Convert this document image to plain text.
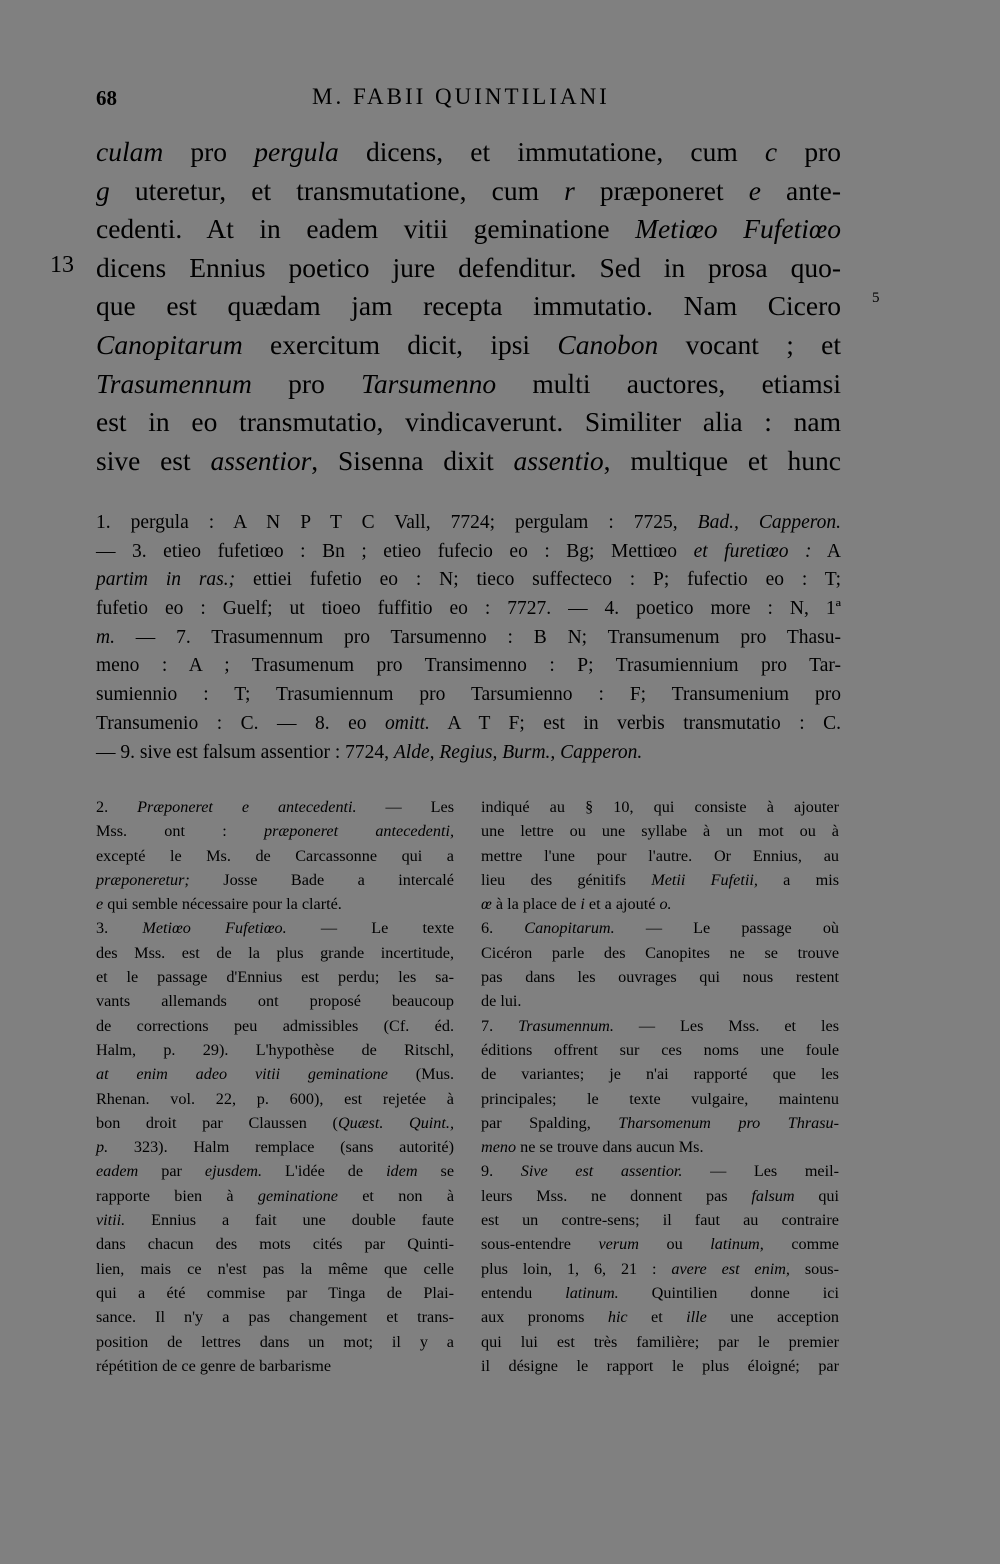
68	M. FABII QUINTILIANI
13
5
culam pro pergula dicens, et immutatione, cum c pro
g uteretur, et transmutatione, cum r præponeret e ante-
cedenti. At in eadem vitii geminatione Metiœo Fufetiœo
dicens Ennius poetico jure defenditur. Sed in prosa quo-
que est quædam jam recepta immutatio. Nam Cicero
Canopitarum exercitum dicit, ipsi Canobon vocant ; et
Trasumennum pro Tarsumenno multi auctores, etiamsi
est in eo transmutatio, vindicaverunt. Similiter alia : nam
sive est assentior, Sisenna dixit assentio, multique et hunc
1. pergula : A N P T C Vall, 7724; pergulam : 7725, Bad., Capperon.
— 3. etieo fufetiœo : Bn ; etieo fufecio eo : Bg; Mettiœo et furetiœo : A
partim in ras.; ettiei fufetio eo : N; tieco suffecteco : P; fufectio eo : T;
fufetio eo : Guelf; ut tioeo fuffitio eo : 7727. — 4. poetico more : N, 1ª
m. — 7. Trasumennum pro Tarsumenno : B N; Transumenum pro Thasu-
meno : A ; Trasumenum pro Transimenno : P; Trasumiennium pro Tar-
sumiennio : T; Trasumiennum pro Tarsumienno : F; Transumenium pro
Transumenio : C. — 8. eo omitt. A T F; est in verbis transmutatio : C.
— 9. sive est falsum assentior : 7724, Alde, Regius, Burm., Capperon.
2. Præponeret e antecedenti. — Les
Mss. ont : præponeret antecedenti,
excepté le Ms. de Carcassonne qui a
præponeretur; Josse Bade a intercalé
e qui semble nécessaire pour la clarté.
3. Metiœo Fufetiœo. — Le texte
des Mss. est de la plus grande incertitude,
et le passage d'Ennius est perdu; les sa-
vants allemands ont proposé beaucoup
de corrections peu admissibles (Cf. éd.
Halm, p. 29). L'hypothèse de Ritschl,
at enim adeo vitii geminatione (Mus.
Rhenan. vol. 22, p. 600), est rejetée à
bon droit par Claussen (Quæst. Quint.,
p. 323). Halm remplace (sans autorité)
eadem par ejusdem. L'idée de idem se
rapporte bien à geminatione et non à
vitii. Ennius a fait une double faute
dans chacun des mots cités par Quinti-
lien, mais ce n'est pas la même que celle
qui a été commise par Tinga de Plai-
sance. Il n'y a pas changement et trans-
position de lettres dans un mot; il y a
répétition de ce genre de barbarisme
indiqué au § 10, qui consiste à ajouter
une lettre ou une syllabe à un mot ou à
mettre l'une pour l'autre. Or Ennius, au
lieu des génitifs Metii Fufetii, a mis
œ à la place de i et a ajouté o.
6. Canopitarum. — Le passage où
Cicéron parle des Canopites ne se trouve
pas dans les ouvrages qui nous restent
de lui.
7. Trasumennum. — Les Mss. et les
éditions offrent sur ces noms une foule
de variantes; je n'ai rapporté que les
principales; le texte vulgaire, maintenu
par Spalding, Tharsomenum pro Thrasu-
meno ne se trouve dans aucun Ms.
9. Sive est assentior. — Les meil-
leurs Mss. ne donnent pas falsum qui
est un contre-sens; il faut au contraire
sous-entendre verum ou latinum, comme
plus loin, 1, 6, 21 : avere est enim, sous-
entendu latinum. Quintilien donne ici
aux pronoms hic et ille une acception
qui lui est très familière; par le premier
il désigne le rapport le plus éloigné; par
